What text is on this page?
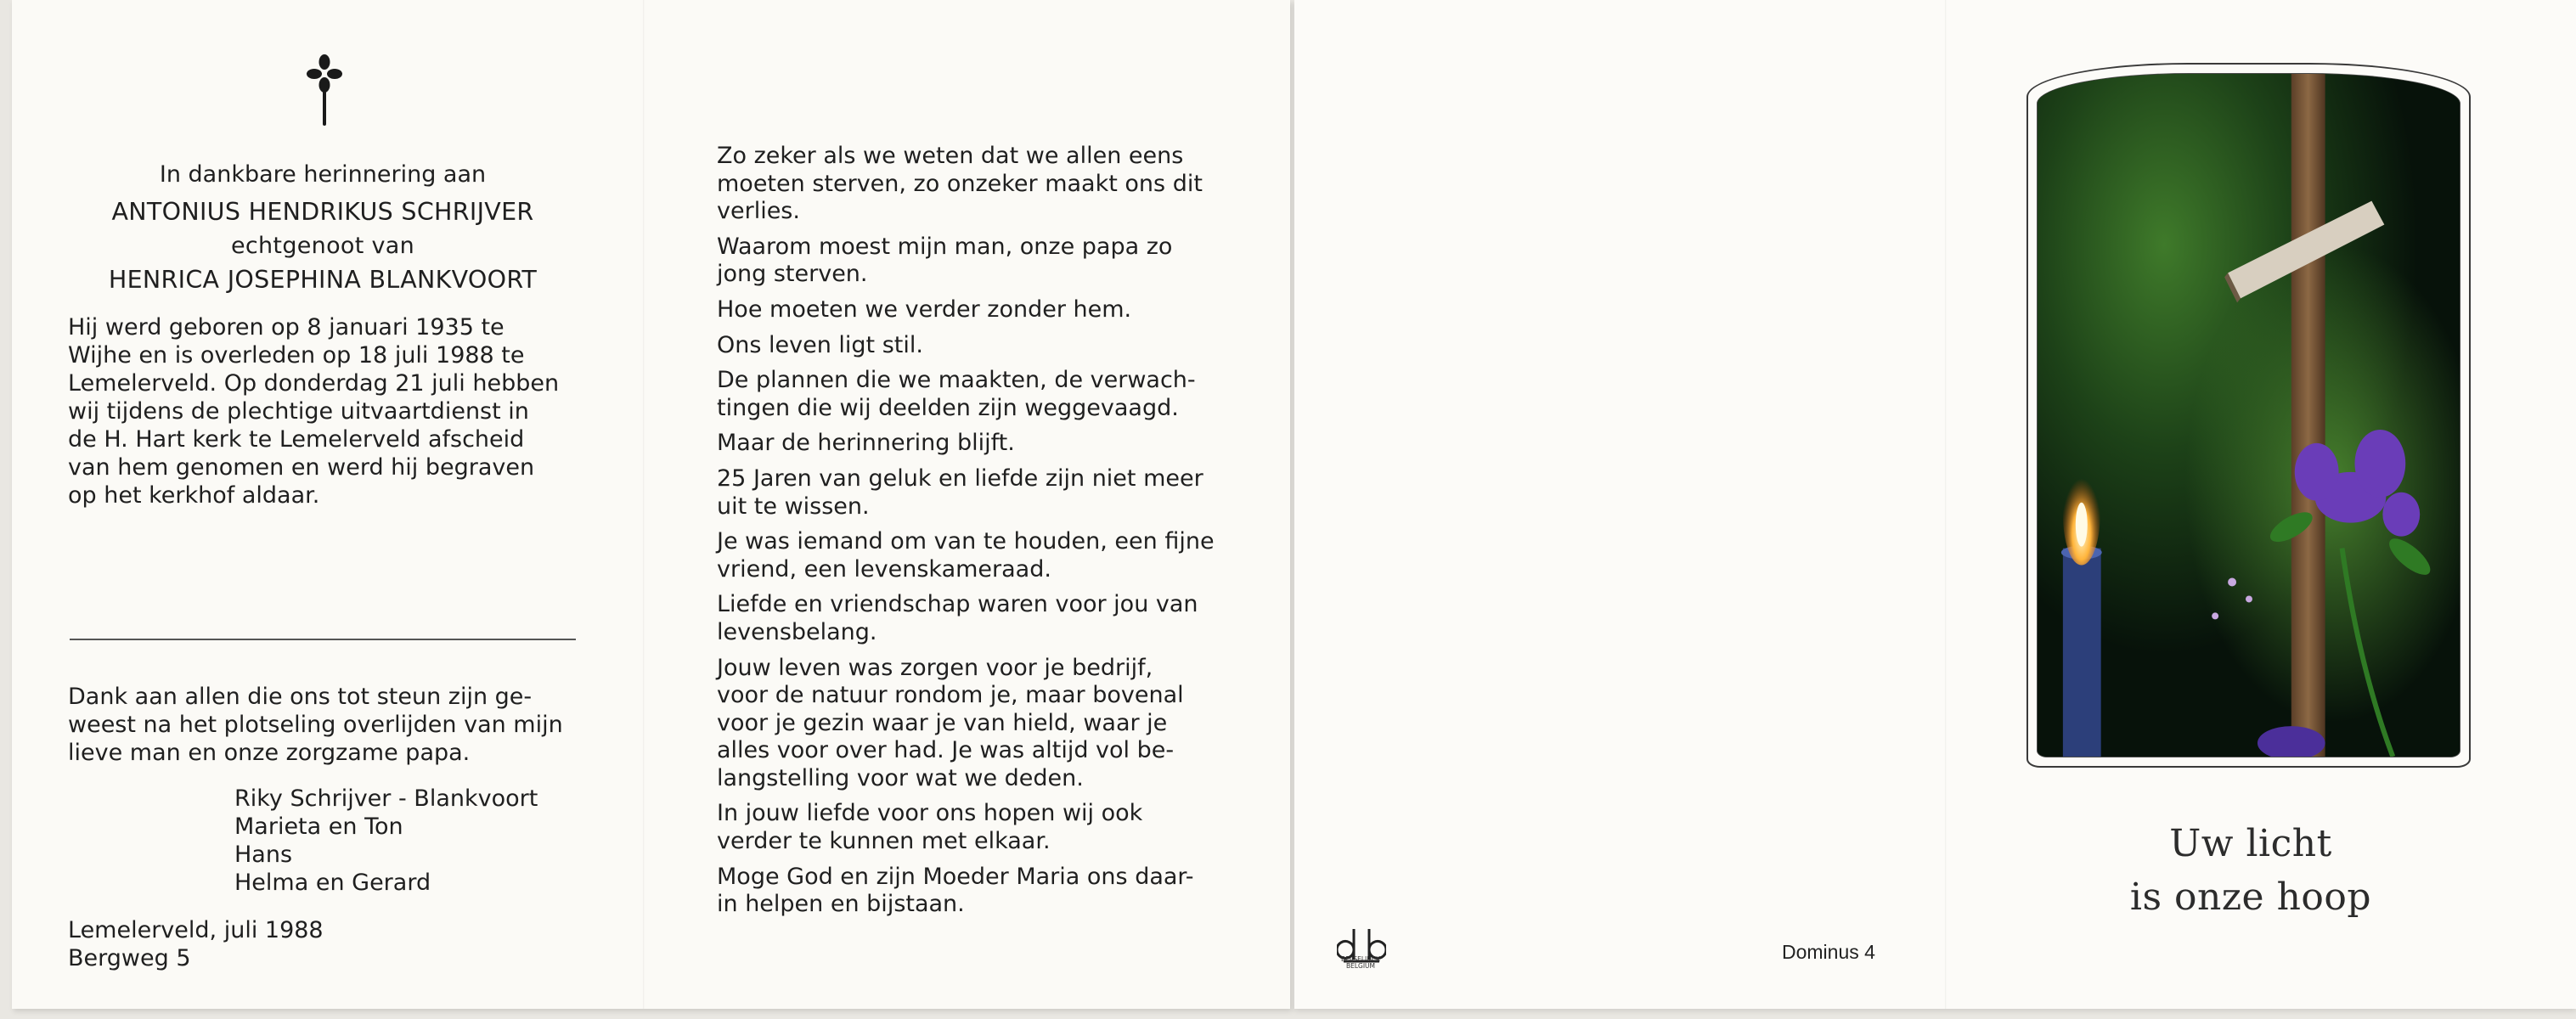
In dankbare herinnering aan
ANTONIUS HENDRIKUS SCHRIJVER
echtgenoot van
HENRICA JOSEPHINA BLANKVOORT
Hij werd geboren op 8 januari 1935 te
Wijhe en is overleden op 18 juli 1988 te
Lemelerveld. Op donderdag 21 juli hebben
wij tijdens de plechtige uitvaartdienst in
de H. Hart kerk te Lemelerveld afscheid
van hem genomen en werd hij begraven
op het kerkhof aldaar.
Dank aan allen die ons tot steun zijn ge-
weest na het plotseling overlijden van mijn
lieve man en onze zorgzame papa.
Riky Schrijver - Blankvoort
Marieta en Ton
Hans
Helma en Gerard
Lemelerveld, juli 1988
Bergweg 5
Zo zeker als we weten dat we allen eens
moeten sterven, zo onzeker maakt ons dit
verlies.
Waarom moest mijn man, onze papa zo
jong sterven.
Hoe moeten we verder zonder hem.
Ons leven ligt stil.
De plannen die we maakten, de verwach-
tingen die wij deelden zijn weggevaagd.
Maar de herinnering blijft.
25 Jaren van geluk en liefde zijn niet meer
uit te wissen.
Je was iemand om van te houden, een fijne
vriend, een levenskameraad.
Liefde en vriendschap waren voor jou van
levensbelang.
Jouw leven was zorgen voor je bedrijf,
voor de natuur rondom je, maar bovenal
voor je gezin waar je van hield, waar je
alles voor over had. Je was altijd vol be-
langstelling voor wat we deden.
In jouw liefde voor ons hopen wij ook
verder te kunnen met elkaar.
Moge God en zijn Moeder Maria ons daar-
in helpen en bijstaan.
BEIJSELINCK
BELGIUM
Dominus 4
Uw licht
is onze hoop
